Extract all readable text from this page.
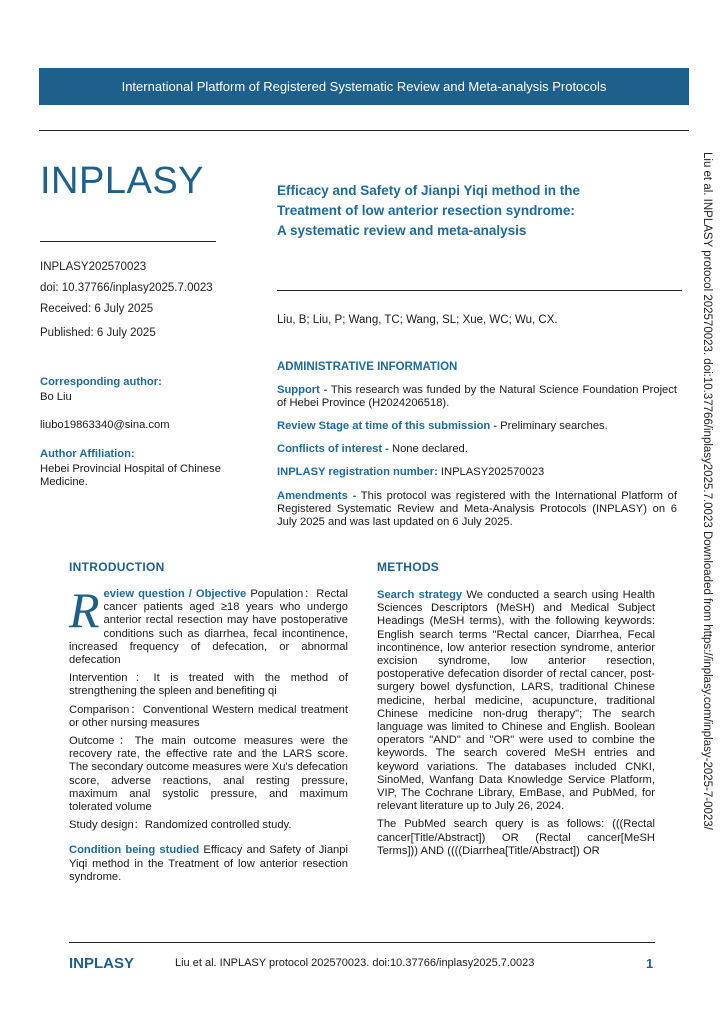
International Platform of Registered Systematic Review and Meta-analysis Protocols
INPLASY
INPLASY202570023
doi: 10.37766/inplasy2025.7.0023
Received: 6 July 2025
Published: 6 July 2025
Corresponding author:
Bo Liu
liubo19863340@sina.com
Author Affiliation:
Hebei Provincial Hospital of Chinese Medicine.
Efficacy and Safety of Jianpi Yiqi method in the
Treatment of low anterior resection syndrome:
A systematic review and meta-analysis
Liu, B; Liu, P; Wang, TC; Wang, SL; Xue, WC; Wu, CX.
ADMINISTRATIVE INFORMATION
Support - This research was funded by the Natural Science Foundation Project of Hebei Province (H2024206518).
Review Stage at time of this submission - Preliminary searches.
Conflicts of interest - None declared.
INPLASY registration number: INPLASY202570023
Amendments - This protocol was registered with the International Platform of Registered Systematic Review and Meta-Analysis Protocols (INPLASY) on 6 July 2025 and was last updated on 6 July 2025.
INTRODUCTION

Review question / Objective Population：Rectal cancer patients aged ≥18 years who undergo anterior rectal resection may have postoperative conditions such as diarrhea, fecal incontinence, increased frequency of defecation, or abnormal defecation

Intervention：It is treated with the method of strengthening the spleen and benefiting qi

Comparison：Conventional Western medical treatment or other nursing measures

Outcome：The main outcome measures were the recovery rate, the effective rate and the LARS score. The secondary outcome measures were Xu's defecation score, adverse reactions, anal resting pressure, maximum anal systolic pressure, and maximum tolerated volume

Study design：Randomized controlled study.

Condition being studied Efficacy and Safety of Jianpi Yiqi method in the Treatment of low anterior resection syndrome.

METHODS

Search strategy We conducted a search using Health Sciences Descriptors (MeSH) and Medical Subject Headings (MeSH terms), with the following keywords: English search terms "Rectal cancer, Diarrhea, Fecal incontinence, low anterior resection syndrome, anterior excision syndrome, low anterior resection, postoperative defecation disorder of rectal cancer, post-surgery bowel dysfunction, LARS, traditional Chinese medicine, herbal medicine, acupuncture, traditional Chinese medicine non-drug therapy"; The search language was limited to Chinese and English. Boolean operators "AND" and "OR" were used to combine the keywords. The search covered MeSH entries and keyword variations. The databases included CNKI, SinoMed, Wanfang Data Knowledge Service Platform, VIP, The Cochrane Library, EmBase, and PubMed, for relevant literature up to July 26, 2024.

The PubMed search query is as follows: (((Rectal cancer[Title/Abstract]) OR (Rectal cancer[MeSH Terms])) AND ((((Diarrhea[Title/Abstract]) OR

Liu et al. INPLASY protocol 202570023. doi:10.37766/inplasy2025.7.0023 Downloaded from https://inplasy.com/inplasy-2025-7-0023/
INPLASY	Liu et al. INPLASY protocol 202570023. doi:10.37766/inplasy2025.7.0023	1
